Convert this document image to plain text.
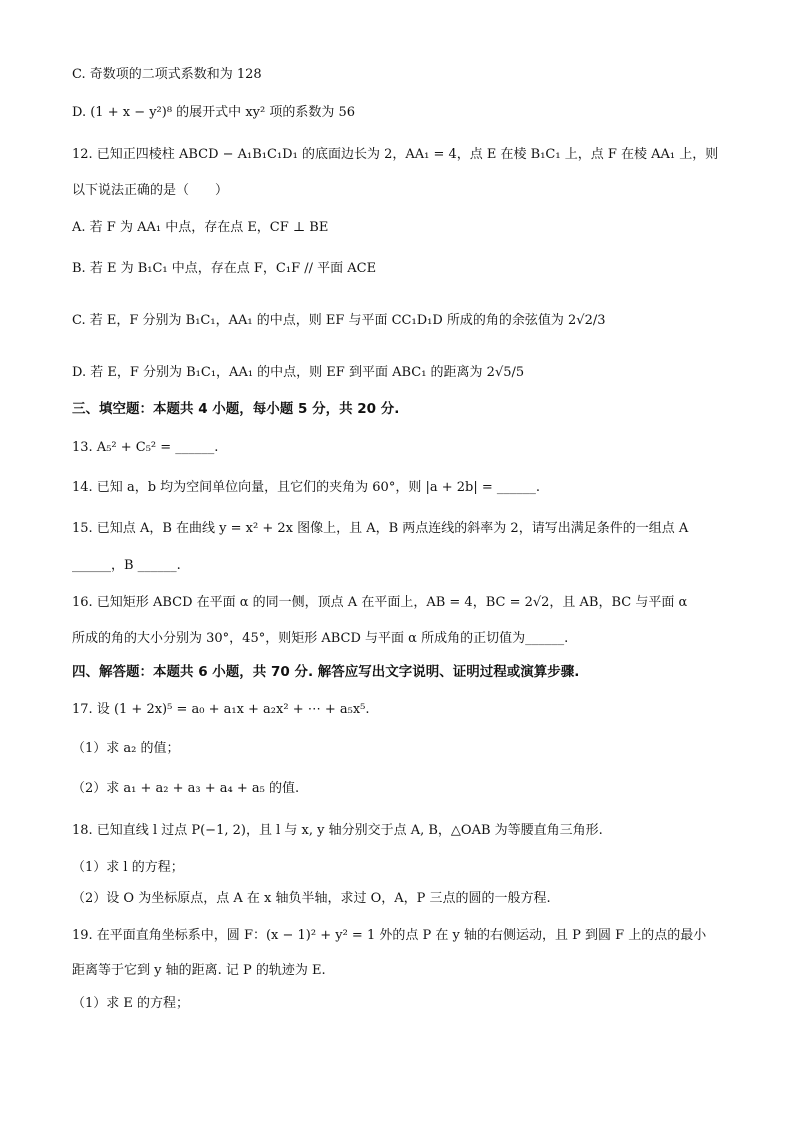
C. 奇数项的二项式系数和为 128
D. (1 + x − y²)⁸ 的展开式中 xy² 项的系数为 56
12. 已知正四棱柱 ABCD − A₁B₁C₁D₁ 的底面边长为 2，AA₁ = 4，点 E 在棱 B₁C₁ 上，点 F 在棱 AA₁ 上，则
以下说法正确的是（　　）
A. 若 F 为 AA₁ 中点，存在点 E，CF ⊥ BE
B. 若 E 为 B₁C₁ 中点，存在点 F，C₁F // 平面 ACE
C. 若 E，F 分别为 B₁C₁，AA₁ 的中点，则 EF 与平面 CC₁D₁D 所成的角的余弦值为 2√2/3
D. 若 E，F 分别为 B₁C₁，AA₁ 的中点，则 EF 到平面 ABC₁ 的距离为 2√5/5
三、填空题：本题共 4 小题，每小题 5 分，共 20 分.
13. A₅² + C₅² = ______.
14. 已知 a，b 均为空间单位向量，且它们的夹角为 60°，则 |a + 2b| = ______.
15. 已知点 A，B 在曲线 y = x² + 2x 图像上，且 A，B 两点连线的斜率为 2，请写出满足条件的一组点 A
______，B ______.
16. 已知矩形 ABCD 在平面 α 的同一侧，顶点 A 在平面上，AB = 4，BC = 2√2，且 AB，BC 与平面 α
所成的角的大小分别为 30°，45°，则矩形 ABCD 与平面 α 所成角的正切值为______.
四、解答题：本题共 6 小题，共 70 分. 解答应写出文字说明、证明过程或演算步骤.
17. 设 (1 + 2x)⁵ = a₀ + a₁x + a₂x² + ⋯ + a₅x⁵.
（1）求 a₂ 的值；
（2）求 a₁ + a₂ + a₃ + a₄ + a₅ 的值.
18. 已知直线 l 过点 P(−1, 2)，且 l 与 x, y 轴分别交于点 A, B，△OAB 为等腰直角三角形.
（1）求 l 的方程；
（2）设 O 为坐标原点，点 A 在 x 轴负半轴，求过 O，A，P 三点的圆的一般方程.
19. 在平面直角坐标系中，圆 F：(x − 1)² + y² = 1 外的点 P 在 y 轴的右侧运动，且 P 到圆 F 上的点的最小
距离等于它到 y 轴的距离. 记 P 的轨迹为 E.
（1）求 E 的方程；
